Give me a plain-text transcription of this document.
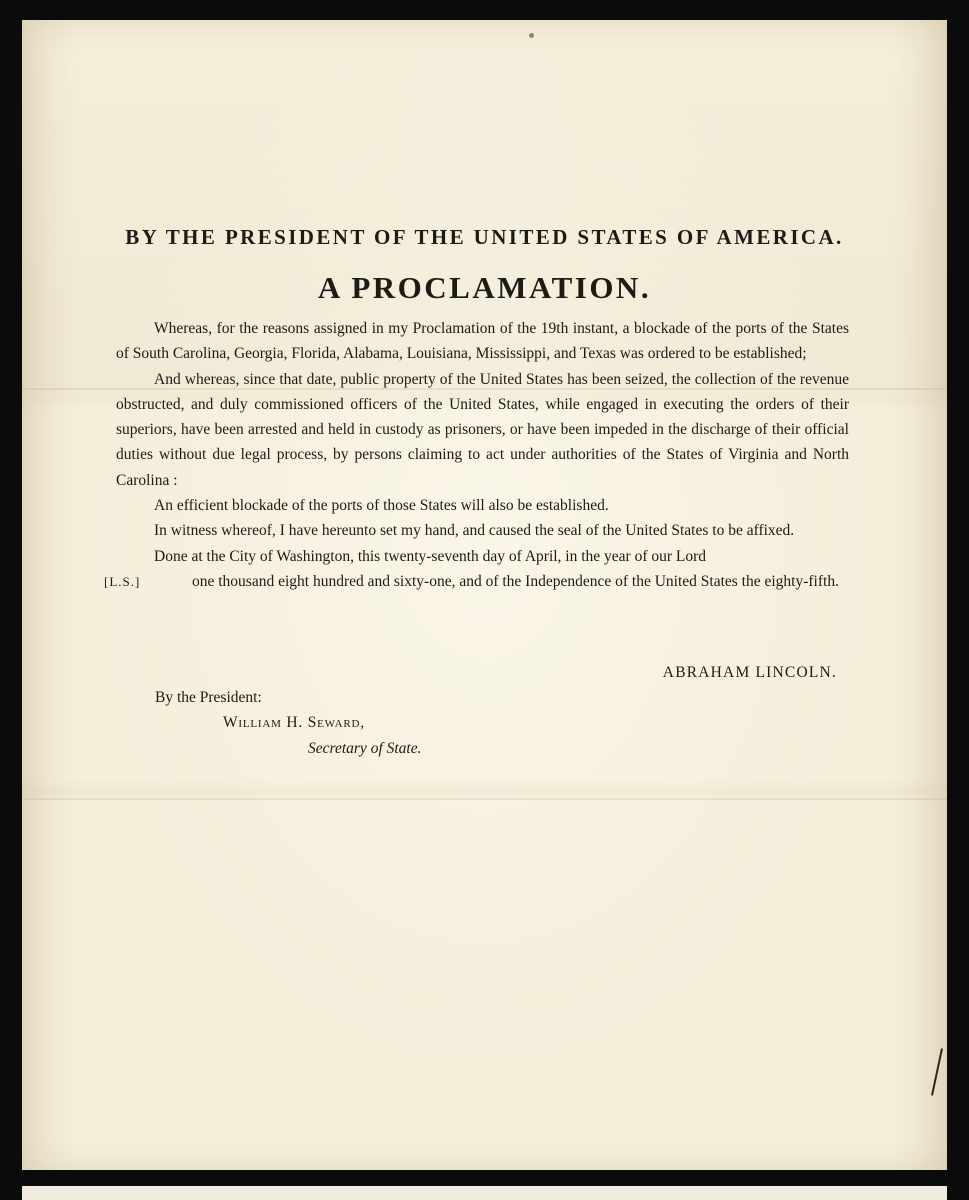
BY THE PRESIDENT OF THE UNITED STATES OF AMERICA.
A PROCLAMATION.

Whereas, for the reasons assigned in my Proclamation of the 19th instant, a blockade of the ports of the States of South Carolina, Georgia, Florida, Alabama, Louisiana, Mississippi, and Texas was ordered to be established;

And whereas, since that date, public property of the United States has been seized, the collection of the revenue obstructed, and duly commissioned officers of the United States, while engaged in executing the orders of their superiors, have been arrested and held in custody as prisoners, or have been impeded in the discharge of their official duties without due legal process, by persons claiming to act under authorities of the States of Virginia and North Carolina :

An efficient blockade of the ports of those States will also be established.

In witness whereof, I have hereunto set my hand, and caused the seal of the United States to be affixed.

Done at the City of Washington, this twenty-seventh day of April, in the year of our Lord

[L.S.]	one thousand eight hundred and sixty-one, and of the Independence of the United States the eighty-fifth.

ABRAHAM LINCOLN.

By the President:

William H. Seward,

Secretary of State.
